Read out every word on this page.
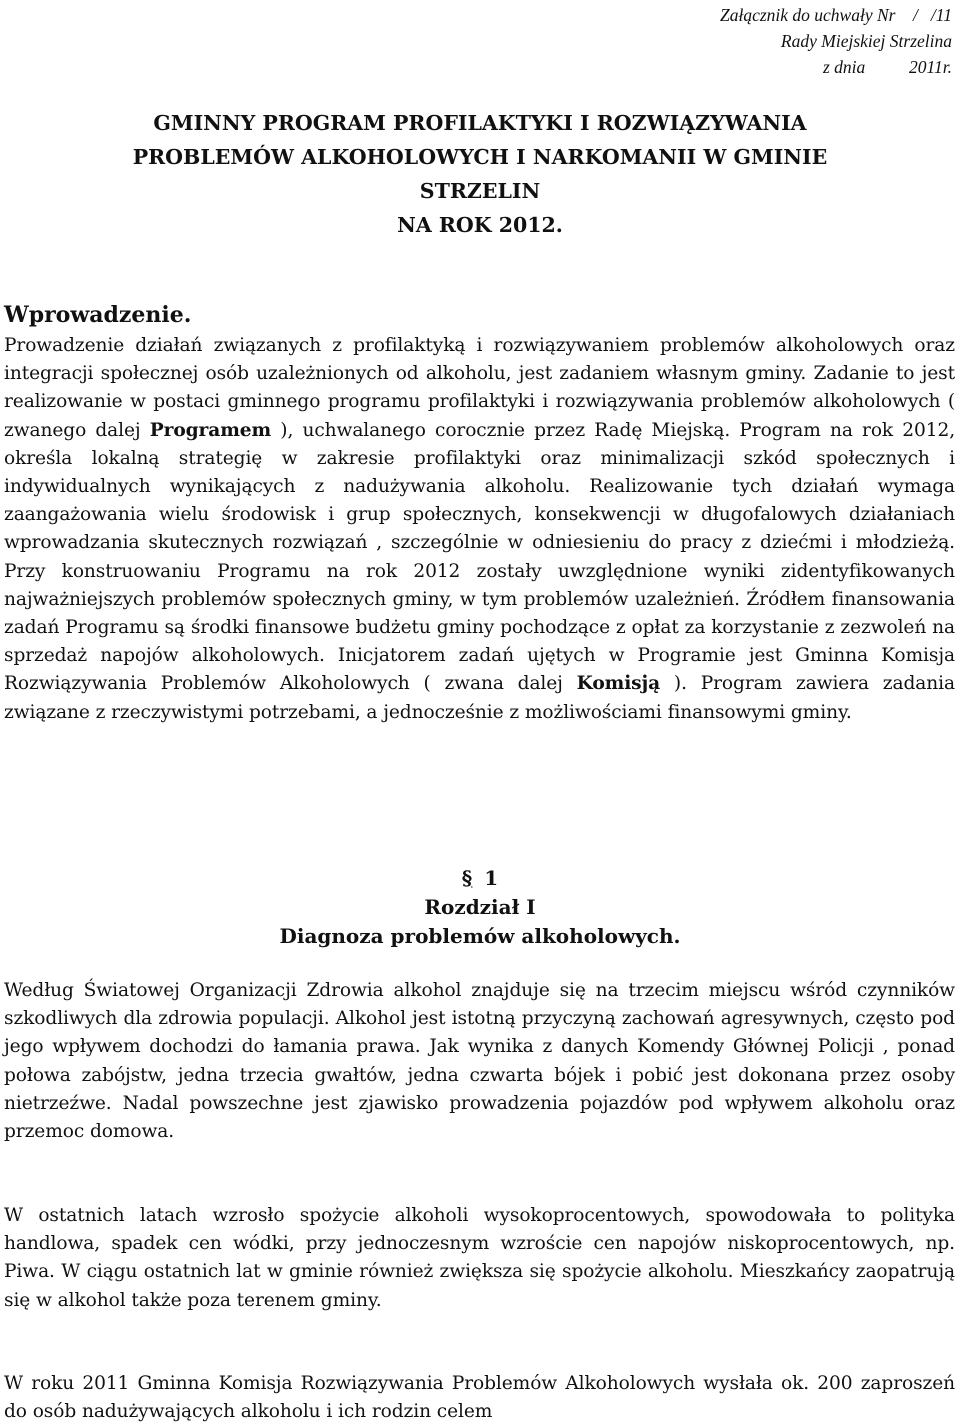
Załącznik do uchwały Nr    /   /11
Rady Miejskiej Strzelina
z dnia          2011r.
GMINNY PROGRAM PROFILAKTYKI I ROZWIĄZYWANIA
PROBLEMÓW ALKOHOLOWYCH I NARKOMANII W GMINIE
STRZELIN
NA ROK 2012.
Wprowadzenie.
Prowadzenie działań związanych z profilaktyką i rozwiązywaniem problemów alkoholowych oraz integracji społecznej osób uzależnionych od alkoholu, jest zadaniem własnym gminy. Zadanie to jest realizowanie w postaci gminnego programu profilaktyki i rozwiązywania problemów alkoholowych ( zwanego dalej Programem ), uchwalanego corocznie przez Radę Miejską. Program na rok 2012, określa lokalną strategię w zakresie profilaktyki oraz minimalizacji szkód społecznych i indywidualnych wynikających z nadużywania alkoholu. Realizowanie tych działań wymaga zaangażowania wielu środowisk i grup społecznych, konsekwencji w długofalowych działaniach wprowadzania skutecznych rozwiązań , szczególnie w odniesieniu do pracy z dziećmi i młodzieżą. Przy konstruowaniu Programu na rok 2012 zostały uwzględnione wyniki zidentyfikowanych najważniejszych problemów społecznych gminy, w tym problemów uzależnień. Źródłem finansowania zadań Programu są środki finansowe budżetu gminy pochodzące z opłat za korzystanie z zezwoleń na sprzedaż napojów alkoholowych. Inicjatorem zadań ujętych w Programie jest Gminna Komisja Rozwiązywania Problemów Alkoholowych ( zwana dalej Komisją ). Program zawiera zadania związane z rzeczywistymi potrzebami, a jednocześnie z możliwościami finansowymi gminy.
§ 1
Rozdział I
Diagnoza problemów alkoholowych.
Według Światowej Organizacji Zdrowia alkohol znajduje się na trzecim miejscu wśród czynników szkodliwych dla zdrowia populacji. Alkohol jest istotną przyczyną zachowań agresywnych, często pod jego wpływem dochodzi do łamania prawa. Jak wynika z danych Komendy Głównej Policji , ponad połowa zabójstw, jedna trzecia gwałtów, jedna czwarta bójek i pobić jest dokonana przez osoby nietrzeźwe. Nadal powszechne jest zjawisko prowadzenia pojazdów pod wpływem alkoholu oraz przemoc domowa.
W ostatnich latach wzrosło spożycie alkoholi wysokoprocentowych, spowodowała to polityka handlowa, spadek cen wódki, przy jednoczesnym wzroście cen napojów niskoprocentowych, np. Piwa. W ciągu ostatnich lat w gminie również zwiększa się spożycie alkoholu. Mieszkańcy zaopatrują się w alkohol także poza terenem gminy.
W roku 2011 Gminna Komisja Rozwiązywania Problemów Alkoholowych wysłała ok. 200 zaproszeń do osób nadużywających alkoholu i ich rodzin celem
